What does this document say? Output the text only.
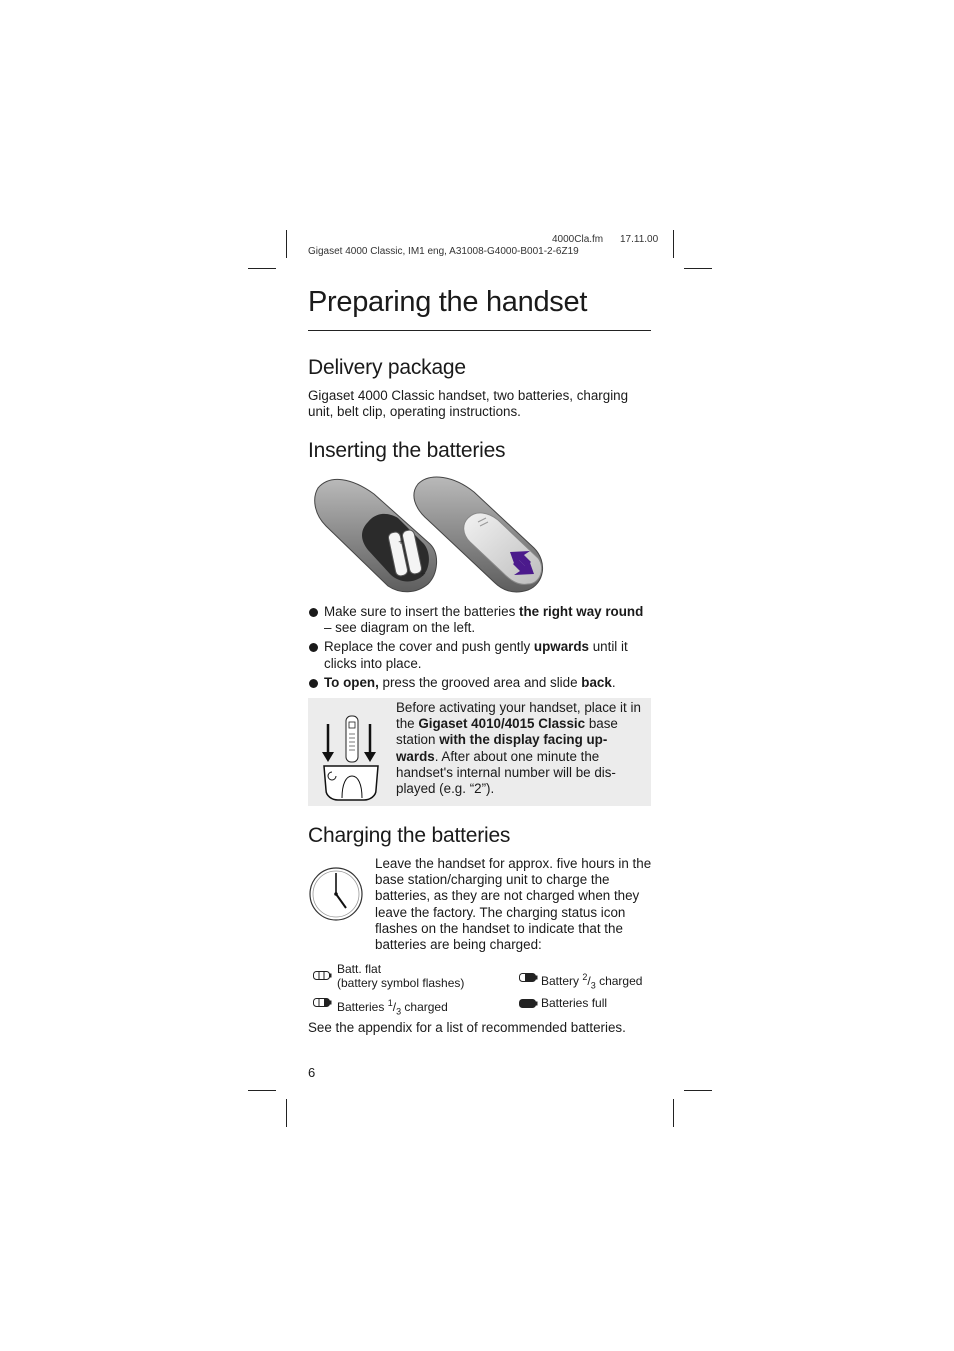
4000Cla.fm 17.11.00
Gigaset 4000 Classic, IM1 eng, A31008-G4000-B001-2-6Z19
Preparing the handset
Delivery package

Gigaset 4000 Classic handset, two batteries, charging unit, belt clip, operating instructions.

Inserting the batteries
+
+
Make sure to insert the batteries the right way round – see diagram on the left.
Replace the cover and push gently upwards until it clicks into place.
To open, press the grooved area and slide back.

Before activating your handset, place it in the Gigaset 4010/4015 Classic base station with the display facing up-wards. After about one minute the handset's internal number will be dis-played (e.g. “2”).

Charging the batteries

Leave the handset for approx. five hours in the base station/charging unit to charge the batteries, as they are not charged when they leave the factory. The charging status icon flashes on the handset to indicate that the batteries are being charged:

Batt. flat
(battery symbol flashes)
Batteries $^1/_3$ charged
Battery $^2/_3$ charged
Batteries full

See the appendix for a list of recommended batteries.

6
